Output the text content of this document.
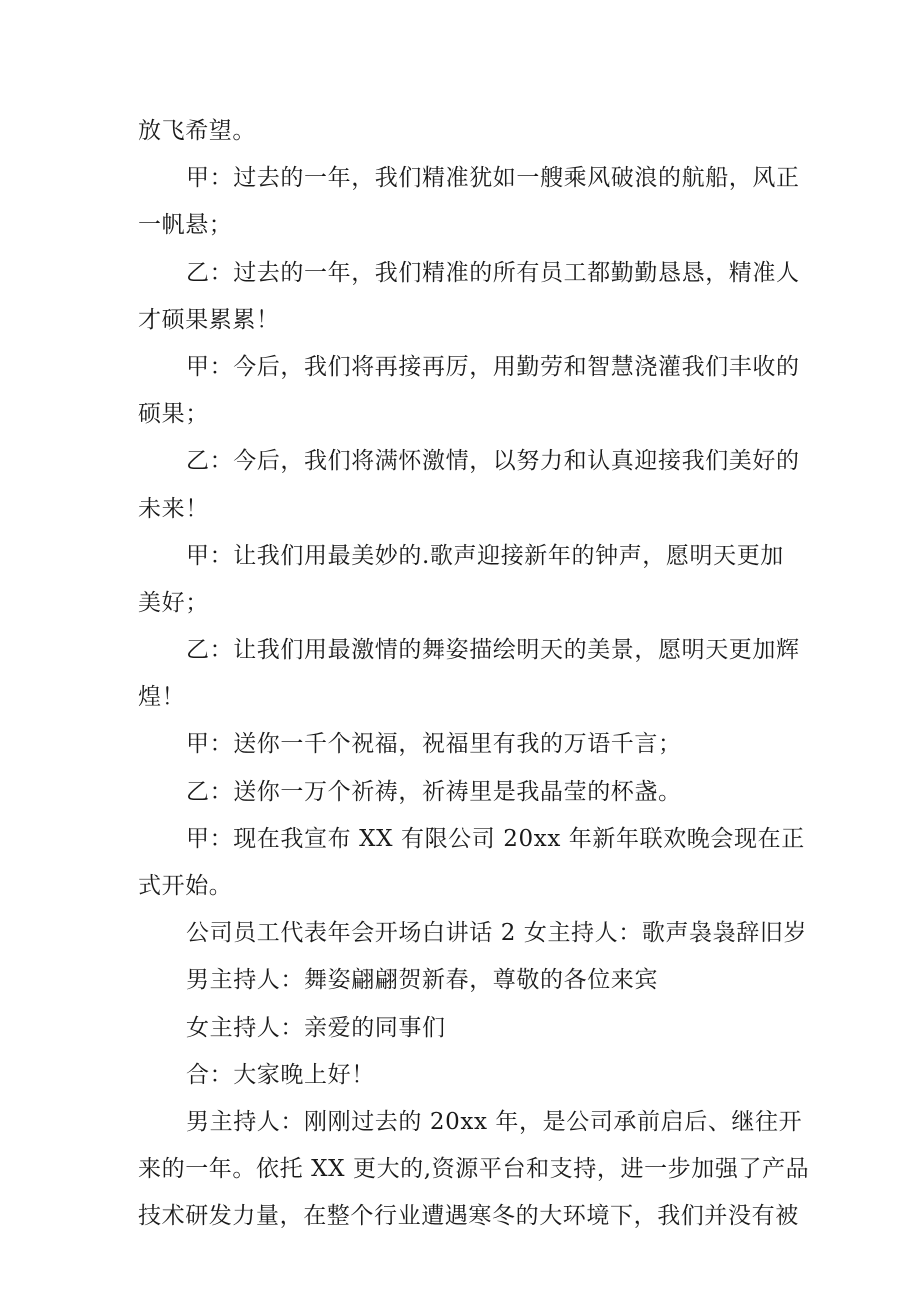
放飞希望。
甲：过去的一年，我们精准犹如一艘乘风破浪的航船，风正
一帆悬；
乙：过去的一年，我们精准的所有员工都勤勤恳恳，精准人
才硕果累累！
甲：今后，我们将再接再厉，用勤劳和智慧浇灌我们丰收的
硕果；
乙：今后，我们将满怀激情，以努力和认真迎接我们美好的
未来！
甲：让我们用最美妙的.歌声迎接新年的钟声，愿明天更加
美好；
乙：让我们用最激情的舞姿描绘明天的美景，愿明天更加辉
煌！
甲：送你一千个祝福，祝福里有我的万语千言；
乙：送你一万个祈祷，祈祷里是我晶莹的杯盏。
甲：现在我宣布 XX 有限公司 20xx 年新年联欢晚会现在正
式开始。
公司员工代表年会开场白讲话 2 女主持人：歌声袅袅辞旧岁
男主持人：舞姿翩翩贺新春，尊敬的各位来宾
女主持人：亲爱的同事们
合：大家晚上好！
男主持人：刚刚过去的 20xx 年，是公司承前启后、继往开
来的一年。依托 XX 更大的,资源平台和支持，进一步加强了产品
技术研发力量，在整个行业遭遇寒冬的大环境下，我们并没有被
